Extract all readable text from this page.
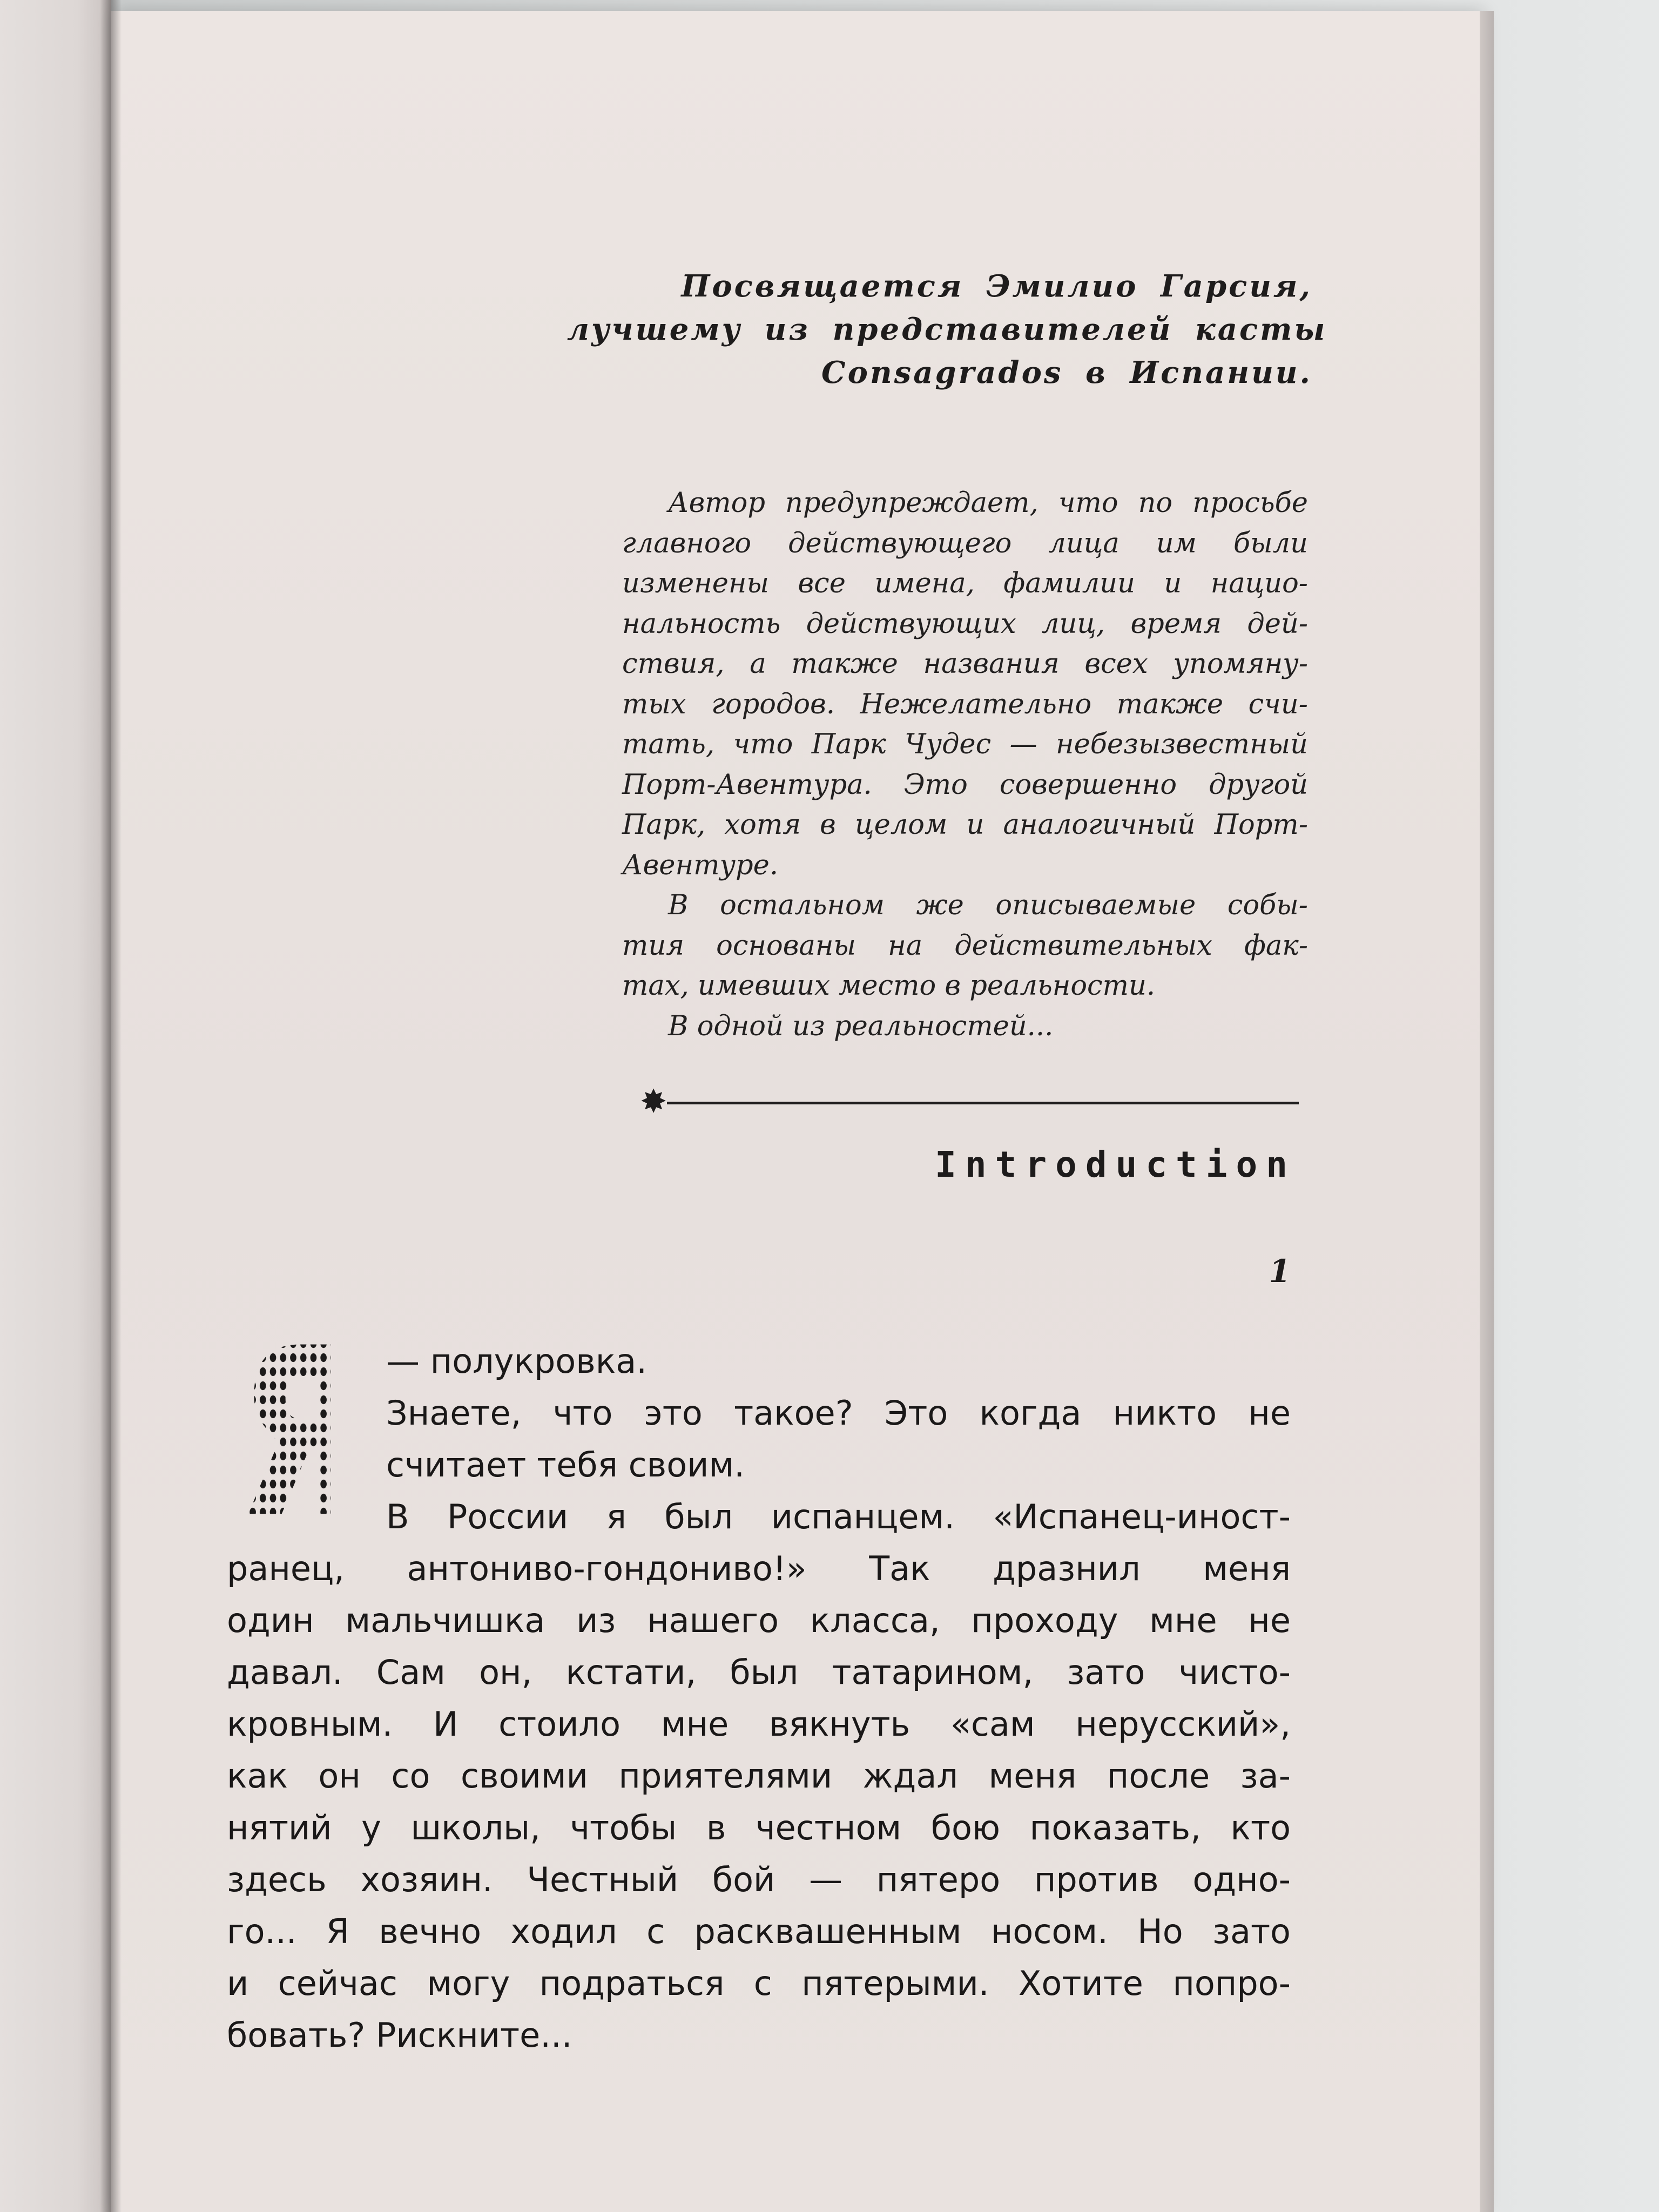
Посвящается Эмилио Гарсия,
лучшему из представителей касты
Consagrados в Испании.
Автор предупреждает, что по просьбе
главного действующего лица им были
изменены все имена, фамилии и нацио-
нальность действующих лиц, время дей-
ствия, а также названия всех упомяну-
тых городов. Нежелательно также счи-
тать, что Парк Чудес — небезызвестный
Порт-Авентура. Это совершенно другой
Парк, хотя в целом и аналогичный Порт-
Авентуре.
В остальном же описываемые собы-
тия основаны на действительных фак-
тах, имевших место в реальности.
В одной из реальностей...
✸
Introduction
1
Я — полукровка.
Знаете, что это такое? Это когда никто не
считает тебя своим.
В России я был испанцем. «Испанец-иност-
ранец, антониво-гондониво!» Так дразнил меня
один мальчишка из нашего класса, проходу мне не
давал. Сам он, кстати, был татарином, зато чисто-
кровным. И стоило мне вякнуть «сам нерусский»,
как он со своими приятелями ждал меня после за-
нятий у школы, чтобы в честном бою показать, кто
здесь хозяин. Честный бой — пятеро против одно-
го... Я вечно ходил с расквашенным носом. Но зато
и сейчас могу подраться с пятерыми. Хотите попро-
бовать? Рискните...
